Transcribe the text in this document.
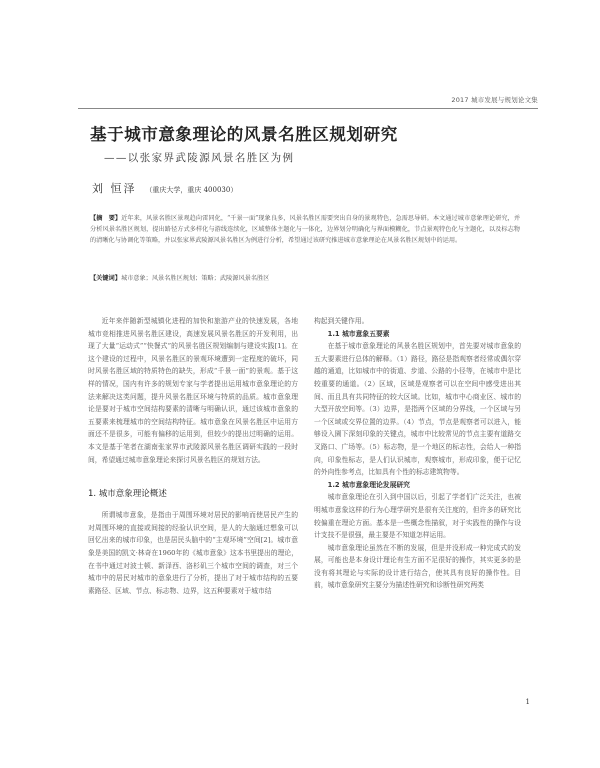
2017 城市发展与规划论文集
基于城市意象理论的风景名胜区规划研究
——以张家界武陵源风景名胜区为例
刘 恒泽 （重庆大学，重庆 400030）
【摘　要】近年来，风景名胜区景观趋向雷同化，“千景一面”现象良多，风景名胜区需要突出自身的景观特色，急需思导研。本文通过城市意象理论研究，并分析风景名胜区规划，提出路径方式多样化与游线连续化，区域整体主题化与一体化，边界划分明确化与界面模糊化，节点景观特色化与主题化，以及标志物的清晰化与协调化等策略，并以张家界武陵源风景名胜区为例进行分析，希望通过该研究推进城市意象理论在风景名胜区规划中的运用。
【关键词】城市意象；风景名胜区规划；策略；武陵源风景名胜区

近年来伴随新型城镇化进程的加快和旅游产业的快速发展，各地城市竞相推进风景名胜区建设，高速发展风景名胜区的开发利用，出现了大量“运动式”“快餐式”的风景名胜区规划编制与建设实践[1]。在这个建设的过程中，风景名胜区的景观环境遭到一定程度的破坏，同时风景名胜区域的特质特色的缺失，形成“千景一面”的景观。基于这样的情况，国内有许多的规划专家与学者提出运用城市意象理论的方法来解决这类问题，提升风景名胜区环境与特质的品质。城市意象理论是要对于城市空间结构要素的清晰与明确认识，通过该城市意象的五要素来梳理城市的空间结构特征。城市意象在风景名胜区中运用方面还不是很多，可能有偏移的运用到，但较少的提出过明确的运用。本文是基于笔者在湖南张家界市武陵源风景名胜区调研实践的一段时间，希望通过城市意象理论来探讨风景名胜区的规划方法。

1. 城市意象理论概述

所谓城市意象，是指由于周围环境对居民的影响而使居民产生的对周围环境的直接或间接的经验认识空间，是人的大脑通过想象可以回忆出来的城市印象，也是居民头脑中的“主观环境”空间[2]。城市意象是美国的凯文·林奇在1960年的《城市意象》这本书里提出的理论，在书中通过对波士顿、新泽西、洛杉矶三个城市空间的调查，对三个城市中的居民对城市的意象进行了分析，提出了对于城市结构的五要素路径、区域、节点、标志物、边界，这五种要素对于城市结

构起到关键作用。

1.1 城市意象五要素

在基于城市意象理论的风景名胜区规划中，首先要对城市意象的五大要素进行总体的解释。（1）路径，路径是指观察者经常或偶尔穿越的通道，比如城市中的街道、步道、公路的小径等，在城市中是比较重要的通道。（2）区域，区域是观察者可以在空间中感受进出其间、而且具有共同特征的较大区域。比如，城市中心商业区、城市的大型开放空间等。（3）边界，是指两个区域的分界线，一个区域与另一个区域或交界位置的边界。（4）节点，节点是观察者可以进入，能够设入園下深刻印象的关键点，城市中比较常见的节点主要有道路交叉路口、广场等。（5）标志物，是一个地区的标志性，会给人一种指向，印象性标志，是人们认识城市，观察城市，形成印象，便于记忆的外向性参考点，比如具有个性的标志建筑物等。

1.2 城市意象理论发展研究

城市意象理论在引入到中国以后，引起了学者们广泛关注，也被明城市意象这样的行为心理学研究是很有关注度的，但许多的研究比较偏重在理论方面。基本是一些概念性描叙，对于实践性的操作与设计支技不是很强，最主要是不知道怎样运用。

城市意象理论虽然在不断的发展，但是并没形成一种完成式的发展，可能也是本身设计理论有生方面不足很好的操作，其实更多的是没有将其理论与实际的设计进行结合，使其具有良好的操作性。目前，城市意象研究主要分为描述性研究和诊断性研究两类

1
